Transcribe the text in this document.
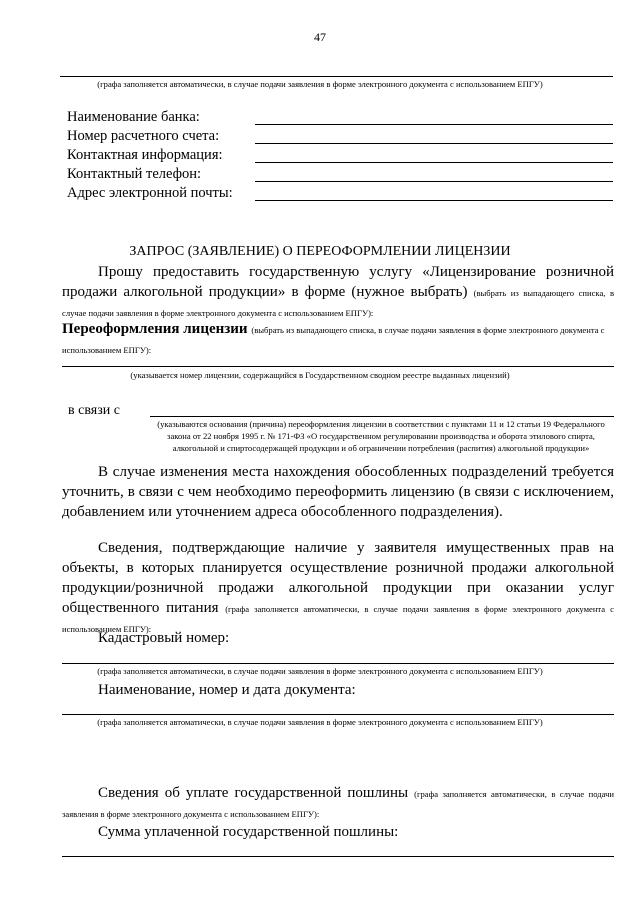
47
(графа заполняется автоматически, в случае подачи заявления в форме электронного документа с использованием ЕПГУ)
Наименование банка:
Номер расчетного счета:
Контактная информация:
Контактный телефон:
Адрес электронной почты:
ЗАПРОС (ЗАЯВЛЕНИЕ) О ПЕРЕОФОРМЛЕНИИ ЛИЦЕНЗИИ
Прошу предоставить государственную услугу «Лицензирование розничной продажи алкогольной продукции» в форме (нужное выбрать) (выбрать из выпадающего списка, в случае подачи заявления в форме электронного документа с использованием ЕПГУ):
Переоформления лицензии (выбрать из выпадающего списка, в случае подачи заявления в форме электронного документа с использованием ЕПГУ):
(указывается номер лицензии, содержащийся в Государственном сводном реестре выданных лицензий)
в связи с
(указываются основания (причина) переоформления лицензии в соответствии с пунктами 11 и 12 статьи 19 Федерального закона от 22 ноября 1995 г. № 171-ФЗ «О государственном регулировании производства и оборота этилового спирта, алкогольной и спиртосодержащей продукции и об ограничении потребления (распития) алкогольной продукции»
В случае изменения места нахождения обособленных подразделений требуется уточнить, в связи с чем необходимо переоформить лицензию (в связи с исключением, добавлением или уточнением адреса обособленного подразделения).
Сведения, подтверждающие наличие у заявителя имущественных прав на объекты, в которых планируется осуществление розничной продажи алкогольной продукции/розничной продажи алкогольной продукции при оказании услуг общественного питания (графа заполняется автоматически, в случае подачи заявления в форме электронного документа с использованием ЕПГУ):
Кадастровый номер:
(графа заполняется автоматически, в случае подачи заявления в форме электронного документа с использованием ЕПГУ)
Наименование, номер и дата документа:
(графа заполняется автоматически, в случае подачи заявления в форме электронного документа с использованием ЕПГУ)
Сведения об уплате государственной пошлины (графа заполняется автоматически, в случае подачи заявления в форме электронного документа с использованием ЕПГУ):
Сумма уплаченной государственной пошлины:
